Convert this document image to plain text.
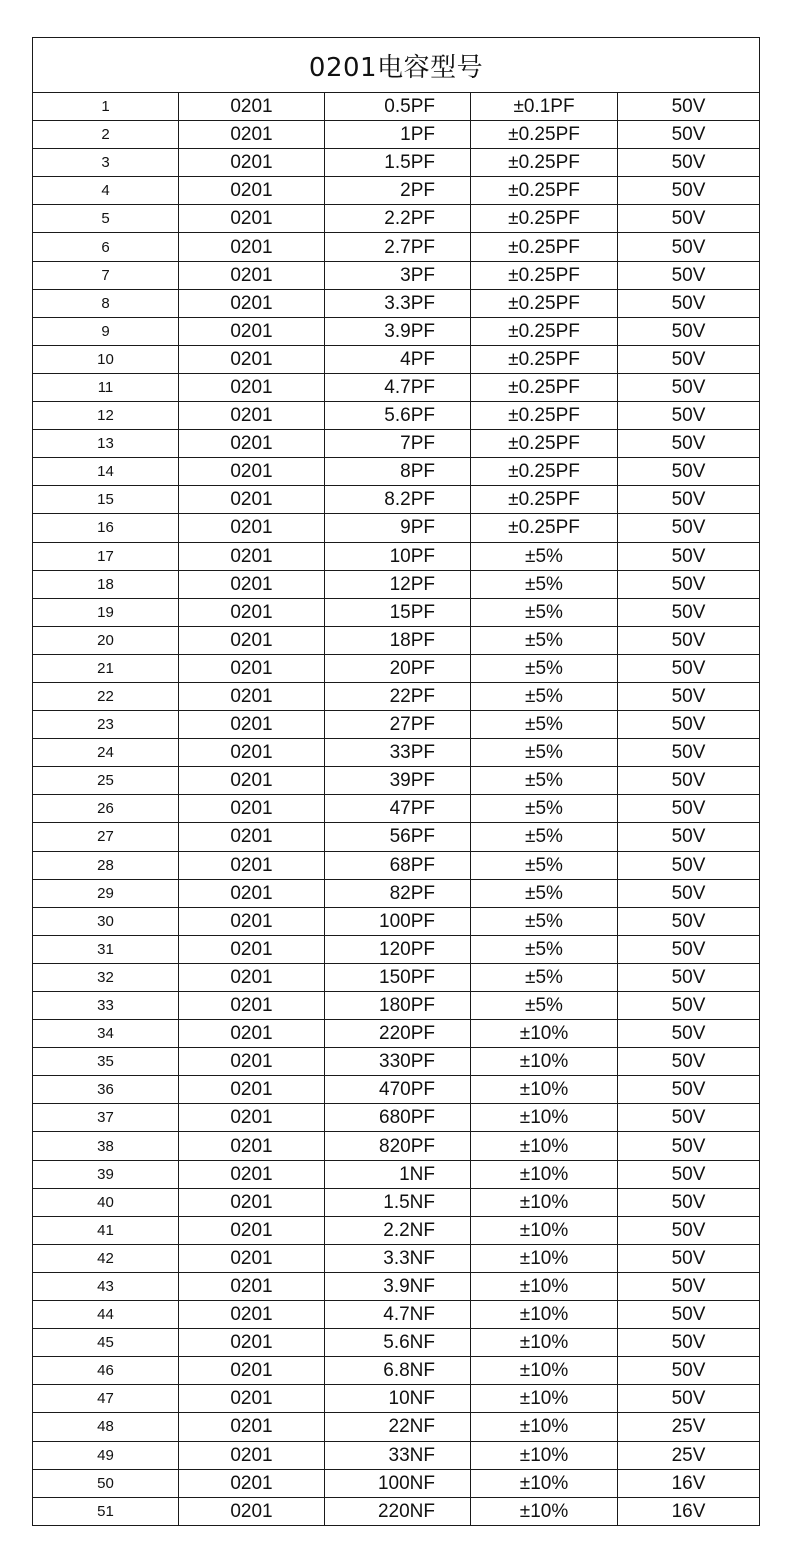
0201电容型号
1	0201	0.5PF	±0.1PF	50V
2	0201	1PF	±0.25PF	50V
3	0201	1.5PF	±0.25PF	50V
4	0201	2PF	±0.25PF	50V
5	0201	2.2PF	±0.25PF	50V
6	0201	2.7PF	±0.25PF	50V
7	0201	3PF	±0.25PF	50V
8	0201	3.3PF	±0.25PF	50V
9	0201	3.9PF	±0.25PF	50V
10	0201	4PF	±0.25PF	50V
11	0201	4.7PF	±0.25PF	50V
12	0201	5.6PF	±0.25PF	50V
13	0201	7PF	±0.25PF	50V
14	0201	8PF	±0.25PF	50V
15	0201	8.2PF	±0.25PF	50V
16	0201	9PF	±0.25PF	50V
17	0201	10PF	±5%	50V
18	0201	12PF	±5%	50V
19	0201	15PF	±5%	50V
20	0201	18PF	±5%	50V
21	0201	20PF	±5%	50V
22	0201	22PF	±5%	50V
23	0201	27PF	±5%	50V
24	0201	33PF	±5%	50V
25	0201	39PF	±5%	50V
26	0201	47PF	±5%	50V
27	0201	56PF	±5%	50V
28	0201	68PF	±5%	50V
29	0201	82PF	±5%	50V
30	0201	100PF	±5%	50V
31	0201	120PF	±5%	50V
32	0201	150PF	±5%	50V
33	0201	180PF	±5%	50V
34	0201	220PF	±10%	50V
35	0201	330PF	±10%	50V
36	0201	470PF	±10%	50V
37	0201	680PF	±10%	50V
38	0201	820PF	±10%	50V
39	0201	1NF	±10%	50V
40	0201	1.5NF	±10%	50V
41	0201	2.2NF	±10%	50V
42	0201	3.3NF	±10%	50V
43	0201	3.9NF	±10%	50V
44	0201	4.7NF	±10%	50V
45	0201	5.6NF	±10%	50V
46	0201	6.8NF	±10%	50V
47	0201	10NF	±10%	50V
48	0201	22NF	±10%	25V
49	0201	33NF	±10%	25V
50	0201	100NF	±10%	16V
51	0201	220NF	±10%	16V
